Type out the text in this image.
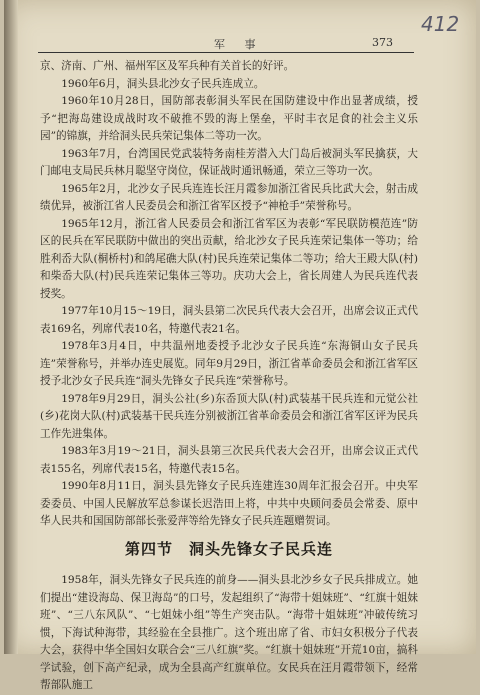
412
军 事	373

京、济南、广州、福州军区及军兵种有关首长的好评。

1960年6月，洞头县北沙女子民兵连成立。

1960年10月28日，国防部表彰洞头军民在国防建设中作出显著成绩，授予“把海岛建设成战时攻不破推不毁的海上堡垒，平时丰衣足食的社会主义乐园”的锦旗，并给洞头民兵荣记集体二等功一次。

1963年7月，台湾国民党武装特务南桂芳潜入大门岛后被洞头军民擒获，大门邮电支局民兵林月聪坚守岗位，保证战时通讯畅通，荣立三等功一次。

1965年2月，北沙女子民兵连连长汪月霞参加浙江省民兵比武大会，射击成绩优异，被浙江省人民委员会和浙江省军区授予“神枪手”荣誉称号。

1965年12月，浙江省人民委员会和浙江省军区为表彰“军民联防模范连”防区的民兵在军民联防中做出的突出贡献，给北沙女子民兵连荣记集体一等功；给胜利岙大队(桐桥村)和鸽尾礁大队(村)民兵连荣记集体二等功；给大王殿大队(村)和柴岙大队(村)民兵连荣记集体三等功。庆功大会上，省长周建人为民兵连代表授奖。

1977年10月15～19日，洞头县第二次民兵代表大会召开，出席会议正式代表169名，列席代表10名，特邀代表21名。

1978年3月4日，中共温州地委授予北沙女子民兵连“东海铜山女子民兵连”荣誉称号，并举办连史展览。同年9月29日，浙江省革命委员会和浙江省军区授予北沙女子民兵连“洞头先锋女子民兵连”荣誉称号。

1978年9月29日，洞头公社(乡)东岙顶大队(村)武装基干民兵连和元觉公社(乡)花岗大队(村)武装基干民兵连分别被浙江省革命委员会和浙江省军区评为民兵工作先进集体。

1983年3月19～21日，洞头县第三次民兵代表大会召开，出席会议正式代表155名，列席代表15名，特邀代表15名。

1990年8月11日，洞头县先锋女子民兵连建连30周年汇报会召开。中央军委委员、中国人民解放军总参谋长迟浩田上将，中共中央顾问委员会常委、原中华人民共和国国防部部长张爱萍等给先锋女子民兵连题赠贺词。

第四节　洞头先锋女子民兵连

1958年，洞头先锋女子民兵连的前身——洞头县北沙乡女子民兵排成立。她们提出“建设海岛、保卫海岛”的口号，发起组织了“海带十姐妹班”、“红旗十姐妹班”、“三八东风队”、“七姐妹小组”等生产突击队。“海带十姐妹班”冲破传统习惯，下海试种海带，其经验在全县推广。这个班出席了省、市妇女积极分子代表大会，获得中华全国妇女联合会“三八红旗”奖。“红旗十姐妹班”开荒10亩，搞科学试验，创下高产纪录，成为全县高产红旗单位。女民兵在汪月霞带领下，经常帮部队施工
